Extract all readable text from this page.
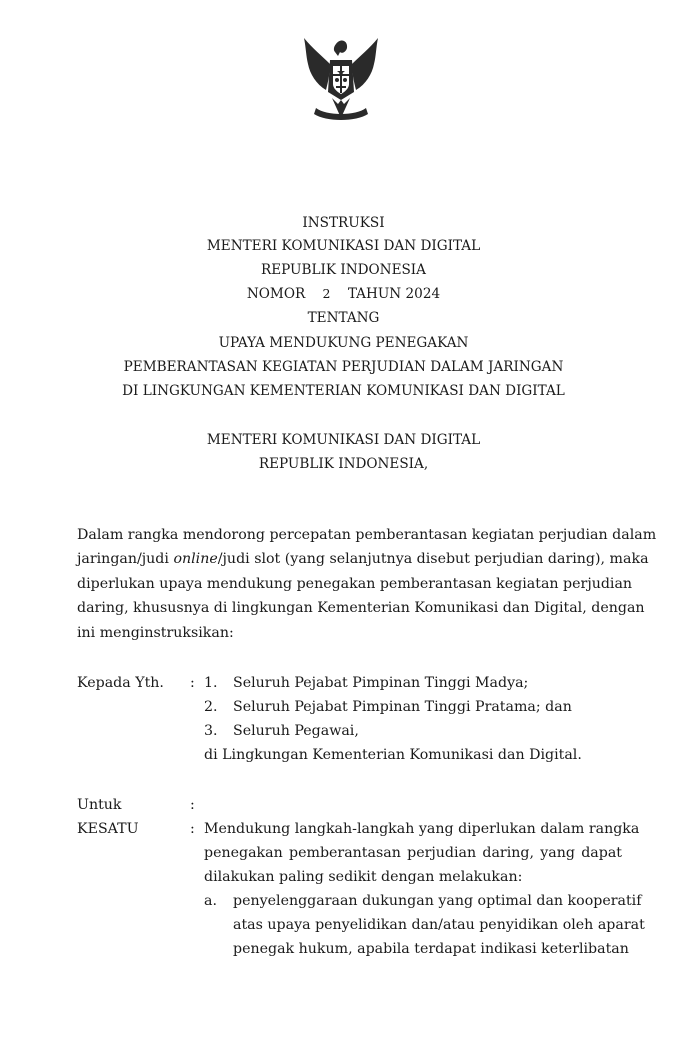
INSTRUKSI
MENTERI KOMUNIKASI DAN DIGITAL
REPUBLIK INDONESIA
NOMOR 2 TAHUN 2024
TENTANG
UPAYA MENDUKUNG PENEGAKAN
PEMBERANTASAN KEGIATAN PERJUDIAN DALAM JARINGAN
DI LINGKUNGAN KEMENTERIAN KOMUNIKASI DAN DIGITAL
MENTERI KOMUNIKASI DAN DIGITAL
REPUBLIK INDONESIA,
Dalam rangka mendorong percepatan pemberantasan kegiatan perjudian dalam
jaringan/judi online/judi slot (yang selanjutnya disebut perjudian daring), maka
diperlukan upaya mendukung penegakan pemberantasan kegiatan perjudian
daring, khususnya di lingkungan Kementerian Komunikasi dan Digital, dengan
ini menginstruksikan:
Kepada Yth. : 1. Seluruh Pejabat Pimpinan Tinggi Madya;
2. Seluruh Pejabat Pimpinan Tinggi Pratama; dan
3. Seluruh Pegawai,
di Lingkungan Kementerian Komunikasi dan Digital.
Untuk	:
KESATU	: Mendukung langkah-langkah yang diperlukan dalam rangka
penegakan pemberantasan perjudian daring, yang dapat
dilakukan paling sedikit dengan melakukan:
a. penyelenggaraan dukungan yang optimal dan kooperatif
atas upaya penyelidikan dan/atau penyidikan oleh aparat
penegak hukum, apabila terdapat indikasi keterlibatan
